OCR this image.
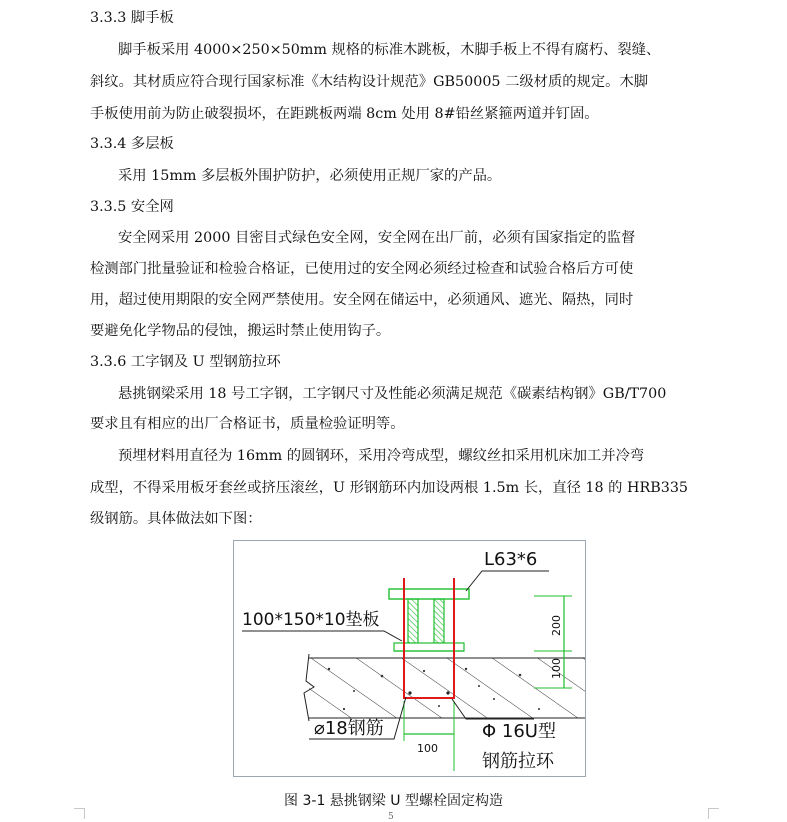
3.3.3 脚手板
脚手板采用 4000×250×50mm 规格的标准木跳板，木脚手板上不得有腐朽、裂缝、
斜纹。其材质应符合现行国家标准《木结构设计规范》GB50005 二级材质的规定。木脚
手板使用前为防止破裂损坏，在距跳板两端 8cm 处用 8#铅丝紧箍两道并钉固。
3.3.4 多层板
采用 15mm 多层板外围护防护，必须使用正规厂家的产品。
3.3.5 安全网
安全网采用 2000 目密目式绿色安全网，安全网在出厂前，必须有国家指定的监督
检测部门批量验证和检验合格证，已使用过的安全网必须经过检查和试验合格后方可使
用，超过使用期限的安全网严禁使用。安全网在储运中，必须通风、遮光、隔热，同时
要避免化学物品的侵蚀，搬运时禁止使用钩子。
3.3.6 工字钢及 U 型钢筋拉环
悬挑钢梁采用 18 号工字钢，工字钢尺寸及性能必须满足规范《碳素结构钢》GB/T700
要求且有相应的出厂合格证书，质量检验证明等。
预埋材料用直径为 16mm 的圆钢环，采用冷弯成型，螺纹丝扣采用机床加工并冷弯
成型，不得采用板牙套丝或挤压滚丝，U 形钢筋环内加设两根 1.5m 长，直径 18 的 HRB335
级钢筋。具体做法如下图：
L63*6
100*150*10垫板	200
100
100
⌀18钢筋	Φ 16U型
钢筋拉环
图 3-1 悬挑钢梁 U 型螺栓固定构造
5
